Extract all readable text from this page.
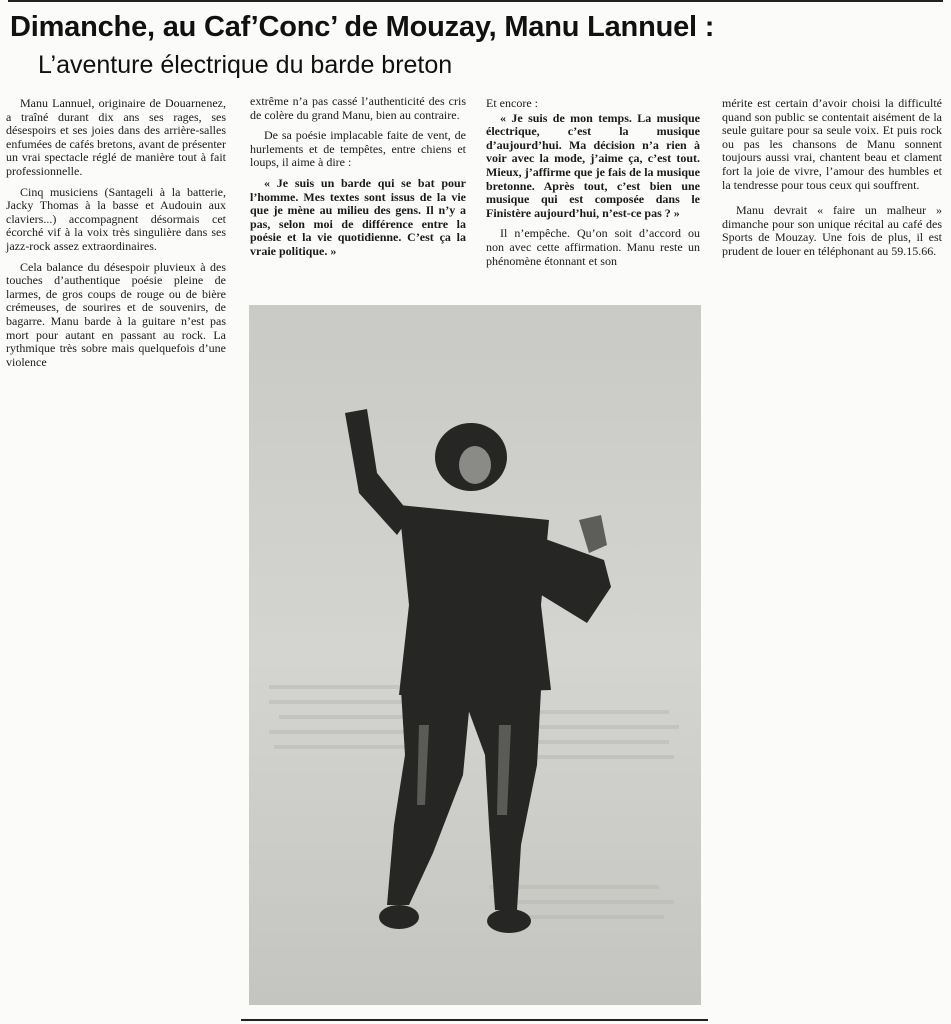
Dimanche, au Caf’Conc’ de Mouzay, Manu Lannuel :
L’aventure électrique du barde breton

Manu Lannuel, originaire de Douarnenez, a traîné durant dix ans ses rages, ses désespoirs et ses joies dans des arrière-salles enfumées de cafés bretons, avant de présenter un vrai spectacle réglé de manière tout à fait professionnelle.

Cinq musiciens (Santageli à la batterie, Jacky Thomas à la basse et Audouin aux claviers...) accompagnent désormais cet écorché vif à la voix très singulière dans ses jazz-rock assez extraordinaires.

Cela balance du désespoir pluvieux à des touches d’authentique poésie pleine de larmes, de gros coups de rouge ou de bière crémeuses, de sourires et de souvenirs, de bagarre. Manu barde à la guitare n’est pas mort pour autant en passant au rock. La rythmique très sobre mais quelquefois d’une violence

extrême n’a pas cassé l’authenticité des cris de colère du grand Manu, bien au contraire.

De sa poésie implacable faite de vent, de hurlements et de tempêtes, entre chiens et loups, il aime à dire :

« Je suis un barde qui se bat pour l’homme. Mes textes sont issus de la vie que je mène au milieu des gens. Il n’y a pas, selon moi de différence entre la poésie et la vie quotidienne. C’est ça la vraie politique. »

Et encore :

« Je suis de mon temps. La musique électrique, c’est la musique d’aujourd’hui. Ma décision n’a rien à voir avec la mode, j’aime ça, c’est tout. Mieux, j’affirme que je fais de la musique bretonne. Après tout, c’est bien une musique qui est composée dans le Finistère aujourd’hui, n’est-ce pas ? »

Il n’empêche. Qu’on soit d’accord ou non avec cette affirmation. Manu reste un phénomène étonnant et son

mérite est certain d’avoir choisi la difficulté quand son public se contentait aisément de la seule guitare pour sa seule voix. Et puis rock ou pas les chansons de Manu sonnent toujours aussi vrai, chantent beau et clament fort la joie de vivre, l’amour des humbles et la tendresse pour tous ceux qui souffrent.

Manu devrait « faire un malheur » dimanche pour son unique récital au café des Sports de Mouzay. Une fois de plus, il est prudent de louer en téléphonant au 59.15.66.
